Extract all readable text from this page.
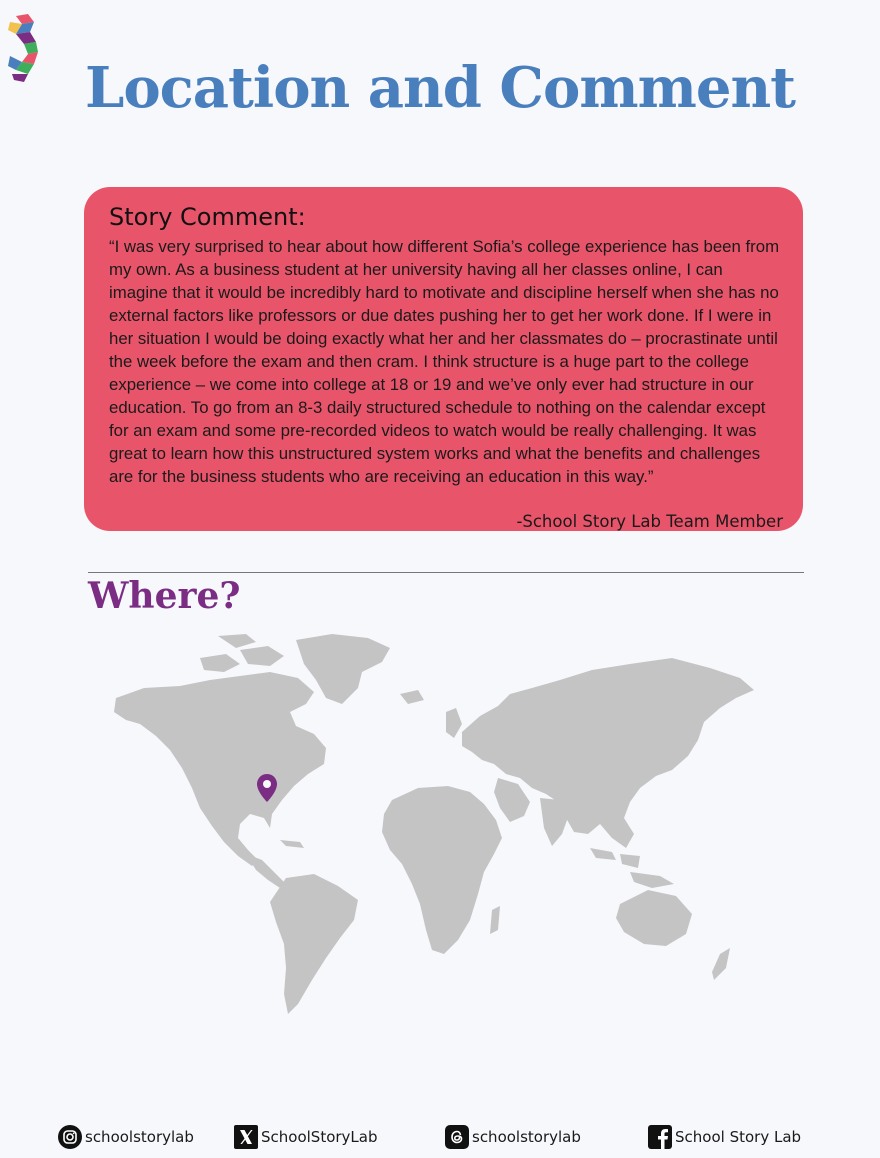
Location and Comment
Story Comment:

“I was very surprised to hear about how different Sofia’s college experience has been from my own. As a business student at her university having all her classes online, I can imagine that it would be incredibly hard to motivate and discipline herself when she has no external factors like professors or due dates pushing her to get her work done. If I were in her situation I would be doing exactly what her and her classmates do – procrastinate until the week before the exam and then cram. I think structure is a huge part to the college experience – we come into college at 18 or 19 and we’ve only ever had structure in our education. To go from an 8-3 daily structured schedule to nothing on the calendar except for an exam and some pre-recorded videos to watch would be really challenging. It was great to learn how this unstructured system works and what the benefits and challenges are for the business students who are receiving an education in this way.”

-School Story Lab Team Member
Where?
schoolstorylab	SchoolStoryLab	schoolstorylab	School Story Lab
